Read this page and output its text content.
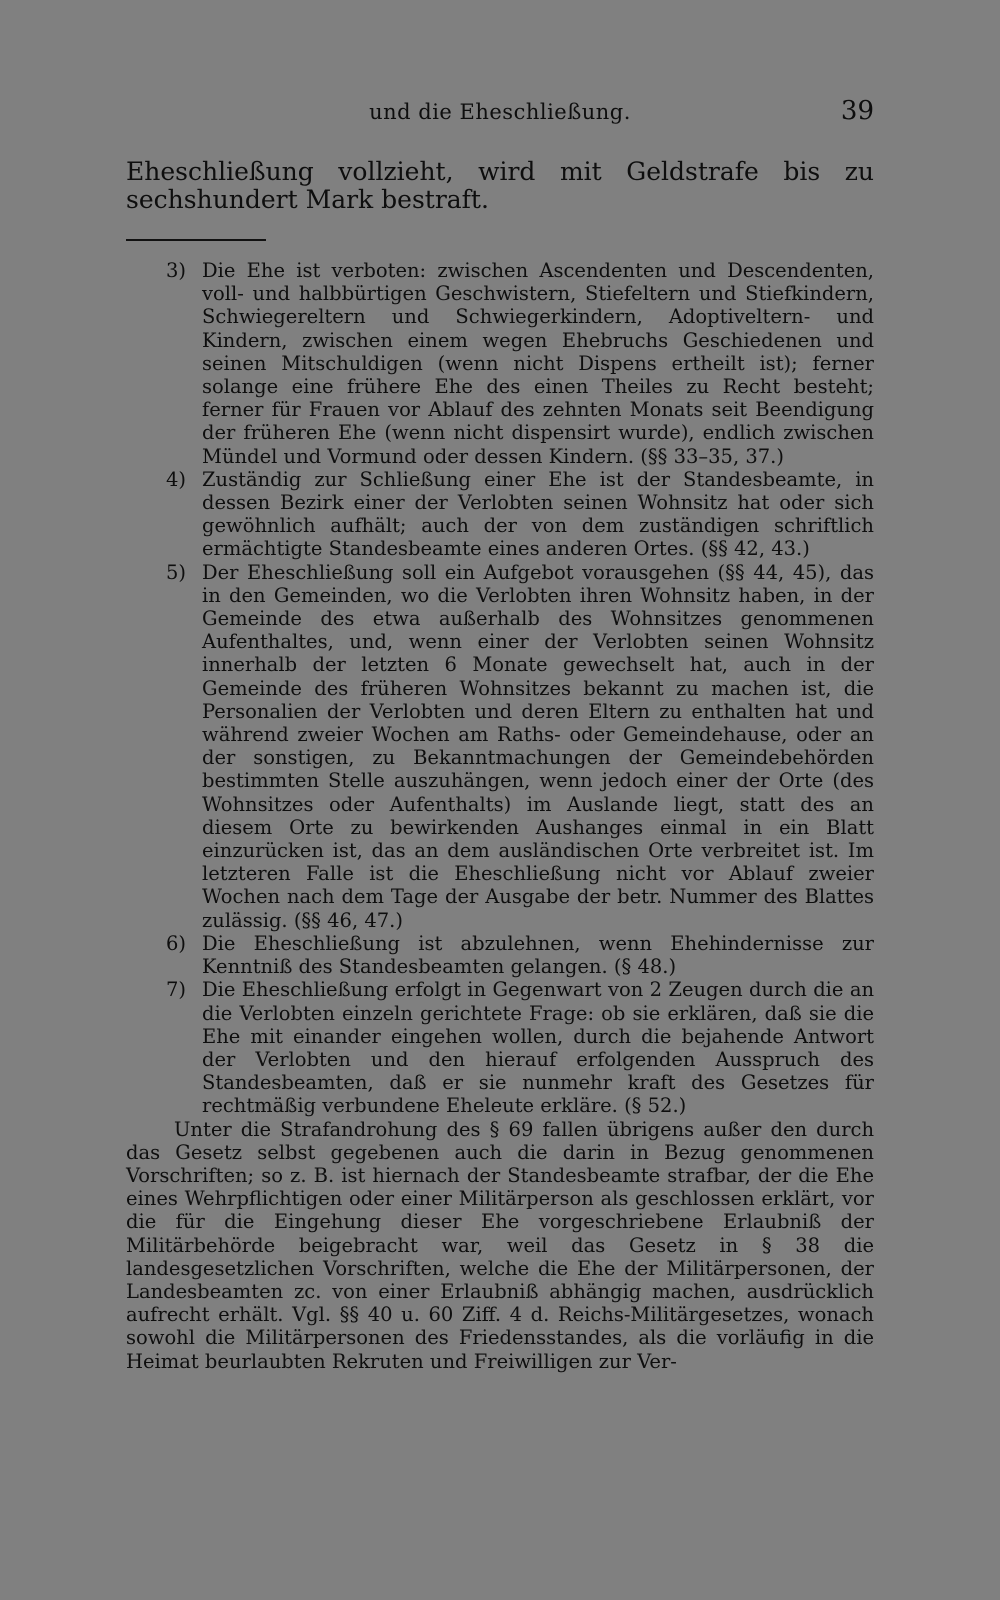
und die Eheschließung.	39

Eheschließung vollzieht, wird mit Geldstrafe bis zu sechshundert Mark bestraft.

3) Die Ehe ist verboten: zwischen Ascendenten und Descendenten, voll- und halbbürtigen Geschwistern, Stiefeltern und Stiefkindern, Schwiegereltern und Schwiegerkindern, Adoptiveltern- und Kindern, zwischen einem wegen Ehebruchs Geschiedenen und seinen Mitschuldigen (wenn nicht Dispens ertheilt ist); ferner solange eine frühere Ehe des einen Theiles zu Recht besteht; ferner für Frauen vor Ablauf des zehnten Monats seit Beendigung der früheren Ehe (wenn nicht dispensirt wurde), endlich zwischen Mündel und Vormund oder dessen Kindern. (§§ 33–35, 37.)
4) Zuständig zur Schließung einer Ehe ist der Standesbeamte, in dessen Bezirk einer der Verlobten seinen Wohnsitz hat oder sich gewöhnlich aufhält; auch der von dem zuständigen schriftlich ermächtigte Standesbeamte eines anderen Ortes. (§§ 42, 43.)
5) Der Eheschließung soll ein Aufgebot vorausgehen (§§ 44, 45), das in den Gemeinden, wo die Verlobten ihren Wohnsitz haben, in der Gemeinde des etwa außerhalb des Wohnsitzes genommenen Aufenthaltes, und, wenn einer der Verlobten seinen Wohnsitz innerhalb der letzten 6 Monate gewechselt hat, auch in der Gemeinde des früheren Wohnsitzes bekannt zu machen ist, die Personalien der Verlobten und deren Eltern zu enthalten hat und während zweier Wochen am Raths- oder Gemeindehause, oder an der sonstigen, zu Bekanntmachungen der Gemeindebehörden bestimmten Stelle auszuhängen, wenn jedoch einer der Orte (des Wohnsitzes oder Aufenthalts) im Auslande liegt, statt des an diesem Orte zu bewirkenden Aushanges einmal in ein Blatt einzurücken ist, das an dem ausländischen Orte verbreitet ist. Im letzteren Falle ist die Eheschließung nicht vor Ablauf zweier Wochen nach dem Tage der Ausgabe der betr. Nummer des Blattes zulässig. (§§ 46, 47.)
6) Die Eheschließung ist abzulehnen, wenn Ehehindernisse zur Kenntniß des Standesbeamten gelangen. (§ 48.)
7) Die Eheschließung erfolgt in Gegenwart von 2 Zeugen durch die an die Verlobten einzeln gerichtete Frage: ob sie erklären, daß sie die Ehe mit einander eingehen wollen, durch die bejahende Antwort der Verlobten und den hierauf erfolgenden Ausspruch des Standesbeamten, daß er sie nunmehr kraft des Gesetzes für rechtmäßig verbundene Eheleute erkläre. (§ 52.)

Unter die Strafandrohung des § 69 fallen übrigens außer den durch das Gesetz selbst gegebenen auch die darin in Bezug genommenen Vorschriften; so z. B. ist hiernach der Standesbeamte strafbar, der die Ehe eines Wehrpflichtigen oder einer Militärperson als geschlossen erklärt, vor die für die Eingehung dieser Ehe vorgeschriebene Erlaubniß der Militärbehörde beigebracht war, weil das Gesetz in § 38 die landesgesetzlichen Vorschriften, welche die Ehe der Militärpersonen, der Landesbeamten zc. von einer Erlaubniß abhängig machen, ausdrücklich aufrecht erhält. Vgl. §§ 40 u. 60 Ziff. 4 d. Reichs-Militärgesetzes, wonach sowohl die Militärpersonen des Friedensstandes, als die vorläufig in die Heimat beurlaubten Rekruten und Freiwilligen zur Ver-
